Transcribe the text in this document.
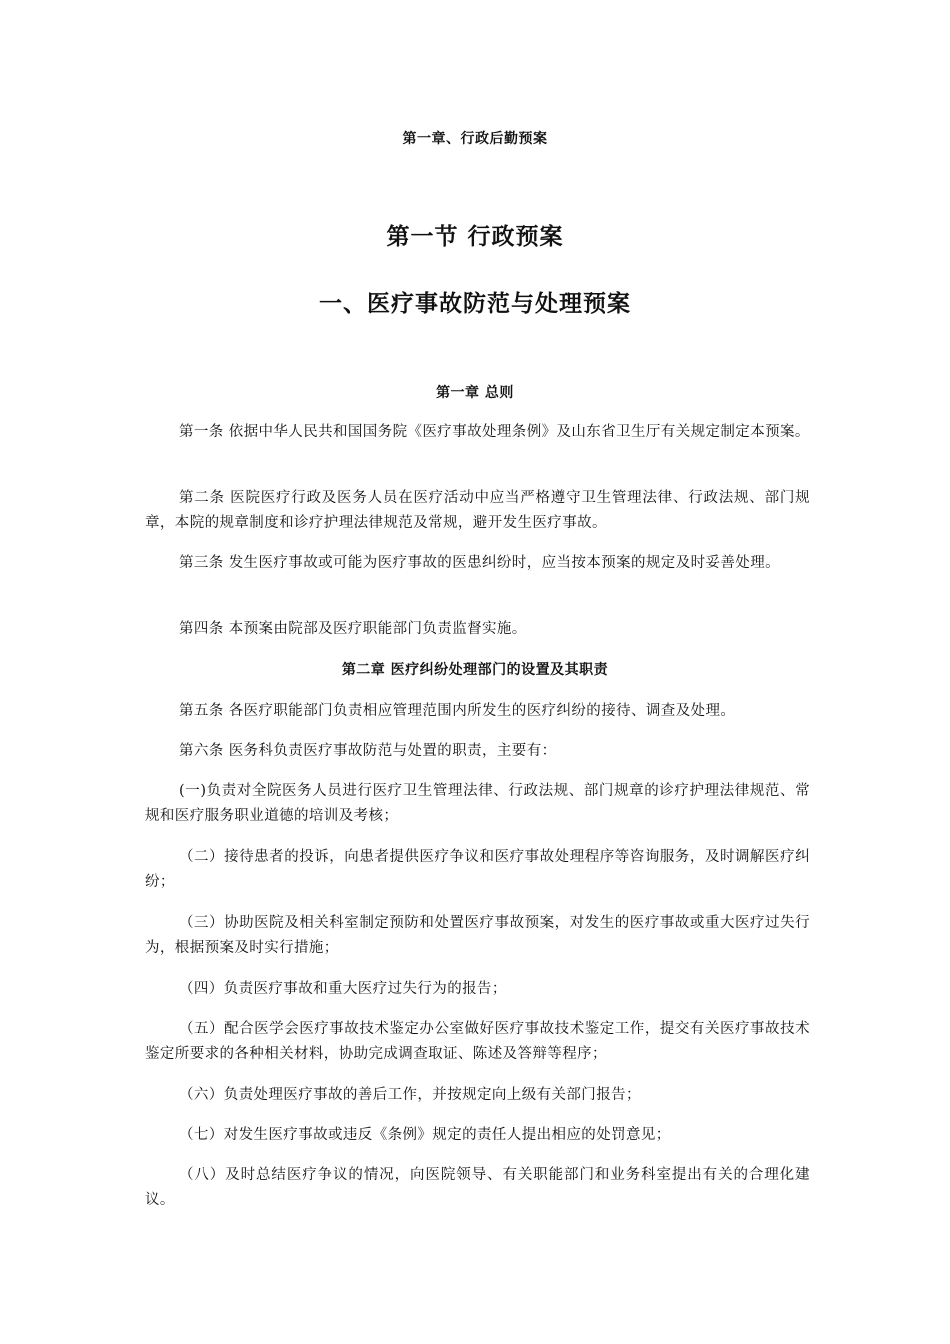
第一章、行政后勤预案
第一节 行政预案
一、医疗事故防范与处理预案
第一章 总则

第一条 依据中华人民共和国国务院《医疗事故处理条例》及山东省卫生厅有关规定制定本预案。

第二条 医院医疗行政及医务人员在医疗活动中应当严格遵守卫生管理法律、行政法规、部门规章，本院的规章制度和诊疗护理法律规范及常规，避开发生医疗事故。

第三条 发生医疗事故或可能为医疗事故的医患纠纷时，应当按本预案的规定及时妥善处理。

第四条 本预案由院部及医疗职能部门负责监督实施。

第二章 医疗纠纷处理部门的设置及其职责

第五条 各医疗职能部门负责相应管理范围内所发生的医疗纠纷的接待、调查及处理。

第六条 医务科负责医疗事故防范与处置的职责，主要有：

(一)负责对全院医务人员进行医疗卫生管理法律、行政法规、部门规章的诊疗护理法律规范、常规和医疗服务职业道德的培训及考核；

（二）接待患者的投诉，向患者提供医疗争议和医疗事故处理程序等咨询服务，及时调解医疗纠纷；

（三）协助医院及相关科室制定预防和处置医疗事故预案，对发生的医疗事故或重大医疗过失行为，根据预案及时实行措施；

（四）负责医疗事故和重大医疗过失行为的报告；

（五）配合医学会医疗事故技术鉴定办公室做好医疗事故技术鉴定工作，提交有关医疗事故技术鉴定所要求的各种相关材料，协助完成调查取证、陈述及答辩等程序；

（六）负责处理医疗事故的善后工作，并按规定向上级有关部门报告；

（七）对发生医疗事故或违反《条例》规定的责任人提出相应的处罚意见；

（八）及时总结医疗争议的情况，向医院领导、有关职能部门和业务科室提出有关的合理化建议。
